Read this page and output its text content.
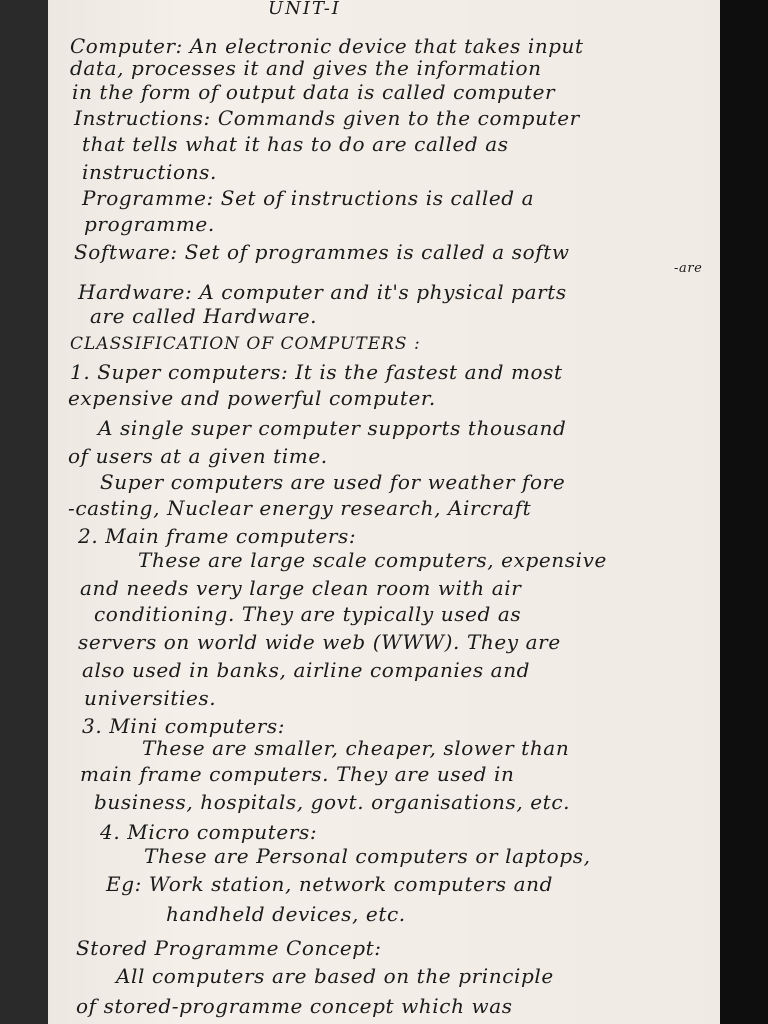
UNIT-I
Computer: An electronic device that takes input
data, processes it and gives the information
in the form of output data is called computer
Instructions: Commands given to the computer
that tells what it has to do are called as
instructions.
Programme: Set of instructions is called a
programme.
Software: Set of programmes is called a softw
-are
Hardware: A computer and it's physical parts
are called Hardware.
CLASSIFICATION OF COMPUTERS :
1. Super computers: It is the fastest and most
expensive and powerful computer.
A single super computer supports thousand
of users at a given time.
Super computers are used for weather fore
-casting, Nuclear energy research, Aircraft
2. Main frame computers:
These are large scale computers, expensive
and needs very large clean room with air
conditioning. They are typically used as
servers on world wide web (WWW). They are
also used in banks, airline companies and
universities.
3. Mini computers:
These are smaller, cheaper, slower than
main frame computers. They are used in
business, hospitals, govt. organisations, etc.
4. Micro computers:
These are Personal computers or laptops,
Eg: Work station, network computers and
handheld devices, etc.
Stored Programme Concept:
All computers are based on the principle
of stored-programme concept which was
